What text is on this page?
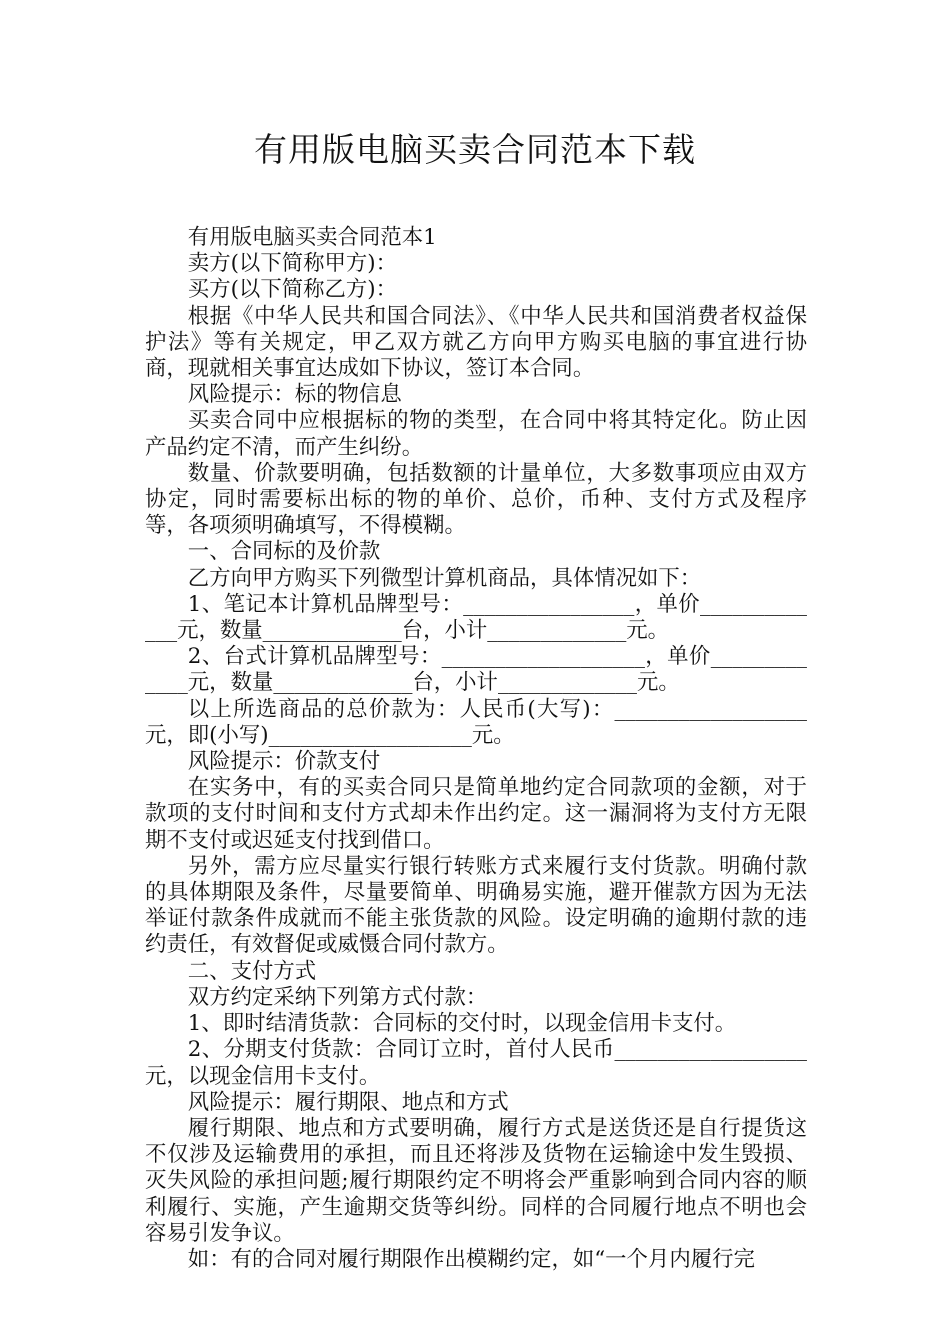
有用版电脑买卖合同范本下载

有用版电脑买卖合同范本1

卖方(以下简称甲方)：

买方(以下简称乙方)：

根据《中华人民共和国合同法》、《中华人民共和国消费者权益保护法》等有关规定，甲乙双方就乙方向甲方购买电脑的事宜进行协商，现就相关事宜达成如下协议，签订本合同。

风险提示：标的物信息

买卖合同中应根据标的物的类型，在合同中将其特定化。防止因产品约定不清，而产生纠纷。

数量、价款要明确，包括数额的计量单位，大多数事项应由双方协定，同时需要标出标的物的单价、总价，币种、支付方式及程序等，各项须明确填写，不得模糊。

一、合同标的及价款

乙方向甲方购买下列微型计算机商品，具体情况如下：

1、笔记本计算机品牌型号：________________，单价_____________元，数量_____________台，小计_____________元。

2、台式计算机品牌型号：___________________，单价_____________元，数量_____________台，小计_____________元。

以上所选商品的总价款为：人民币(大写)：__________________元，即(小写)___________________元。

风险提示：价款支付

在实务中，有的买卖合同只是简单地约定合同款项的金额，对于款项的支付时间和支付方式却未作出约定。这一漏洞将为支付方无限期不支付或迟延支付找到借口。

另外，需方应尽量实行银行转账方式来履行支付货款。明确付款的具体期限及条件，尽量要简单、明确易实施，避开催款方因为无法举证付款条件成就而不能主张货款的风险。设定明确的逾期付款的违约责任，有效督促或威慑合同付款方。

二、支付方式

双方约定采纳下列第方式付款：

1、即时结清货款：合同标的交付时，以现金信用卡支付。

2、分期支付货款：合同订立时，首付人民币__________________元，以现金信用卡支付。

风险提示：履行期限、地点和方式

履行期限、地点和方式要明确，履行方式是送货还是自行提货这不仅涉及运输费用的承担，而且还将涉及货物在运输途中发生毁损、灭失风险的承担问题;履行期限约定不明将会严重影响到合同内容的顺利履行、实施，产生逾期交货等纠纷。同样的合同履行地点不明也会容易引发争议。

如：有的合同对履行期限作出模糊约定，如“一个月内履行完
